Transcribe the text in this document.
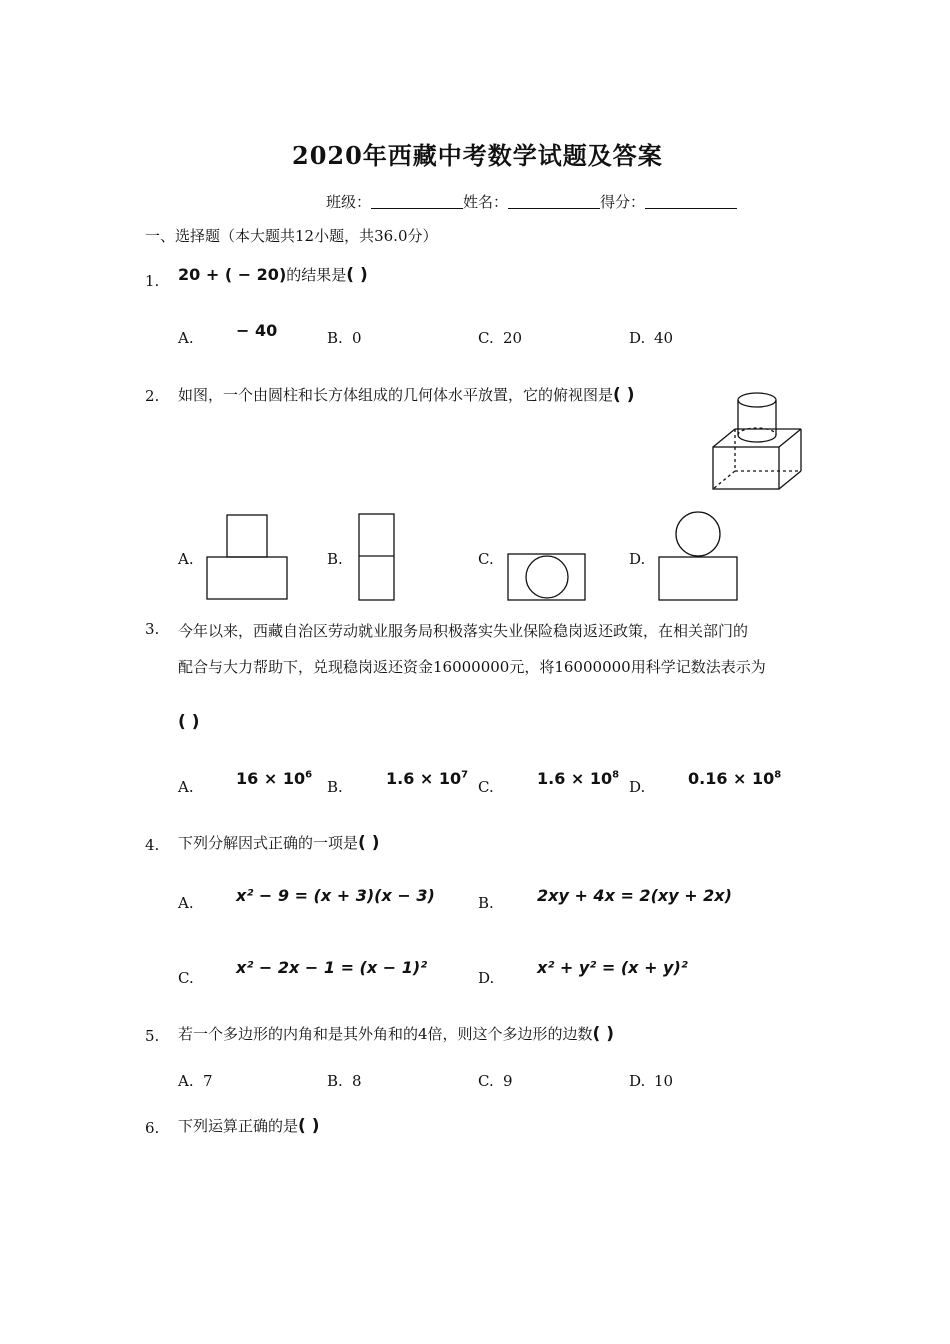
2020年西藏中考数学试题及答案
班级：	姓名：	得分：
一、选择题（本大题共12小题，共36.0分）
1. 20 + ( − 20)的结果是( )
A.	− 40	B. 0	C. 20	D. 40
2. 如图，一个由圆柱和长方体组成的几何体水平放置，它的俯视图是( )
A.	B.	C.	D.
3. 今年以来，西藏自治区劳动就业服务局积极落实失业保险稳岗返还政策，在相关部门的
配合与大力帮助下，兑现稳岗返还资金16000000元，将16000000用科学记数法表示为
( )
A.	$16 \times 10^6$
B.	$1.6 \times 10^7$
C.	$1.6 \times 10^8$
D.	$0.16 \times 10^8$
4. 下列分解因式正确的一项是( )
A.	x² − 9 = (x + 3)(x − 3)	B.	2xy + 4x = 2(xy + 2x)
C.
x² − 2x − 1 = (x − 1)²
D.
x² + y² = (x + y)²
5. 若一个多边形的内角和是其外角和的4倍，则这个多边形的边数( )
A. 7	B. 8	C. 9	D. 10
6. 下列运算正确的是( )
